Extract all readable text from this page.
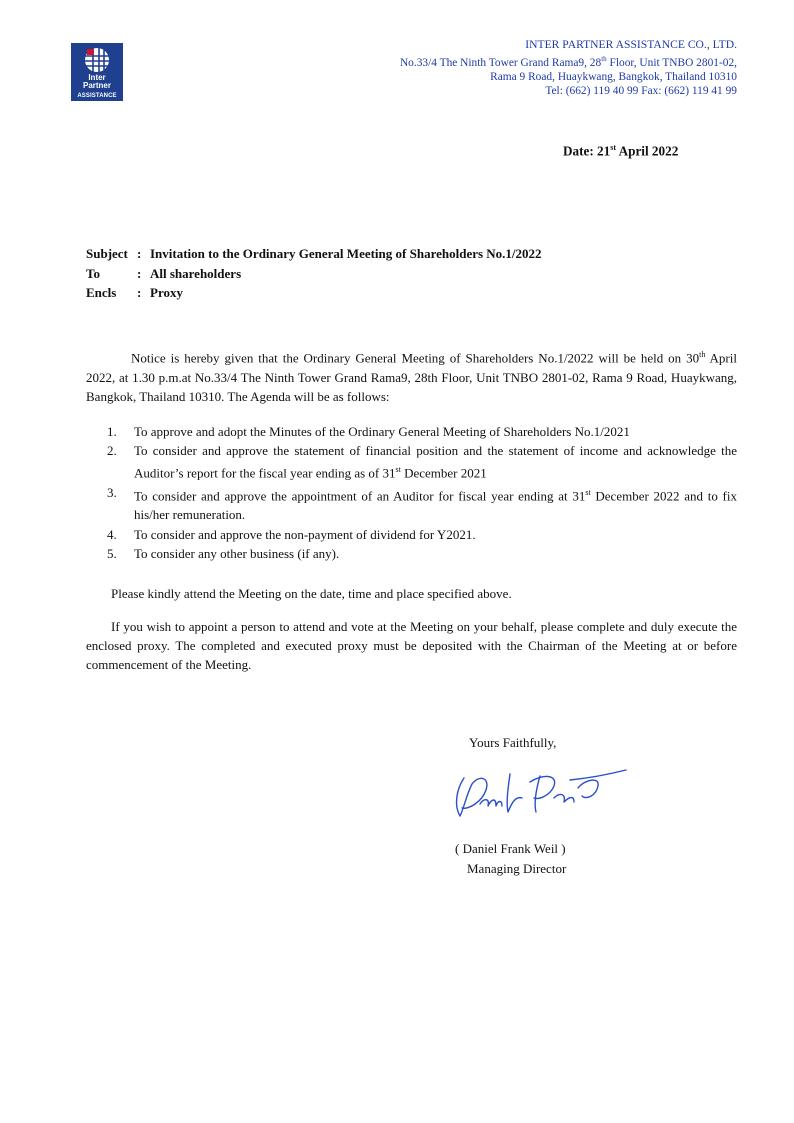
Inter
Partner
ASSISTANCE
INTER PARTNER ASSISTANCE CO., LTD.
No.33/4 The Ninth Tower Grand Rama9, 28th Floor, Unit TNBO 2801-02,
Rama 9 Road, Huaykwang, Bangkok, Thailand 10310
Tel: (662) 119 40 99 Fax: (662) 119 41 99
Date: 21st April 2022
Subject : Invitation to the Ordinary General Meeting of Shareholders No.1/2022
To	: All shareholders
Encls	: Proxy
Notice is hereby given that the Ordinary General Meeting of Shareholders No.1/2022 will be held on 30th April 2022, at 1.30 p.m.at No.33/4 The Ninth Tower Grand Rama9, 28th Floor, Unit TNBO 2801-02, Rama 9 Road, Huaykwang, Bangkok, Thailand 10310. The Agenda will be as follows:
1.	To approve and adopt the Minutes of the Ordinary General Meeting of Shareholders No.1/2021
2.	To consider and approve the statement of financial position and the statement of income and acknowledge the Auditor’s report for the fiscal year ending as of 31st December 2021
3.	To consider and approve the appointment of an Auditor for fiscal year ending at 31st December 2022 and to fix his/her remuneration.
4.	To consider and approve the non-payment of dividend for Y2021.
5.	To consider any other business (if any).
Please kindly attend the Meeting on the date, time and place specified above.
If you wish to appoint a person to attend and vote at the Meeting on your behalf, please complete and duly execute the enclosed proxy. The completed and executed proxy must be deposited with the Chairman of the Meeting at or before commencement of the Meeting.
Yours Faithfully,
( Daniel Frank Weil )
Managing Director
